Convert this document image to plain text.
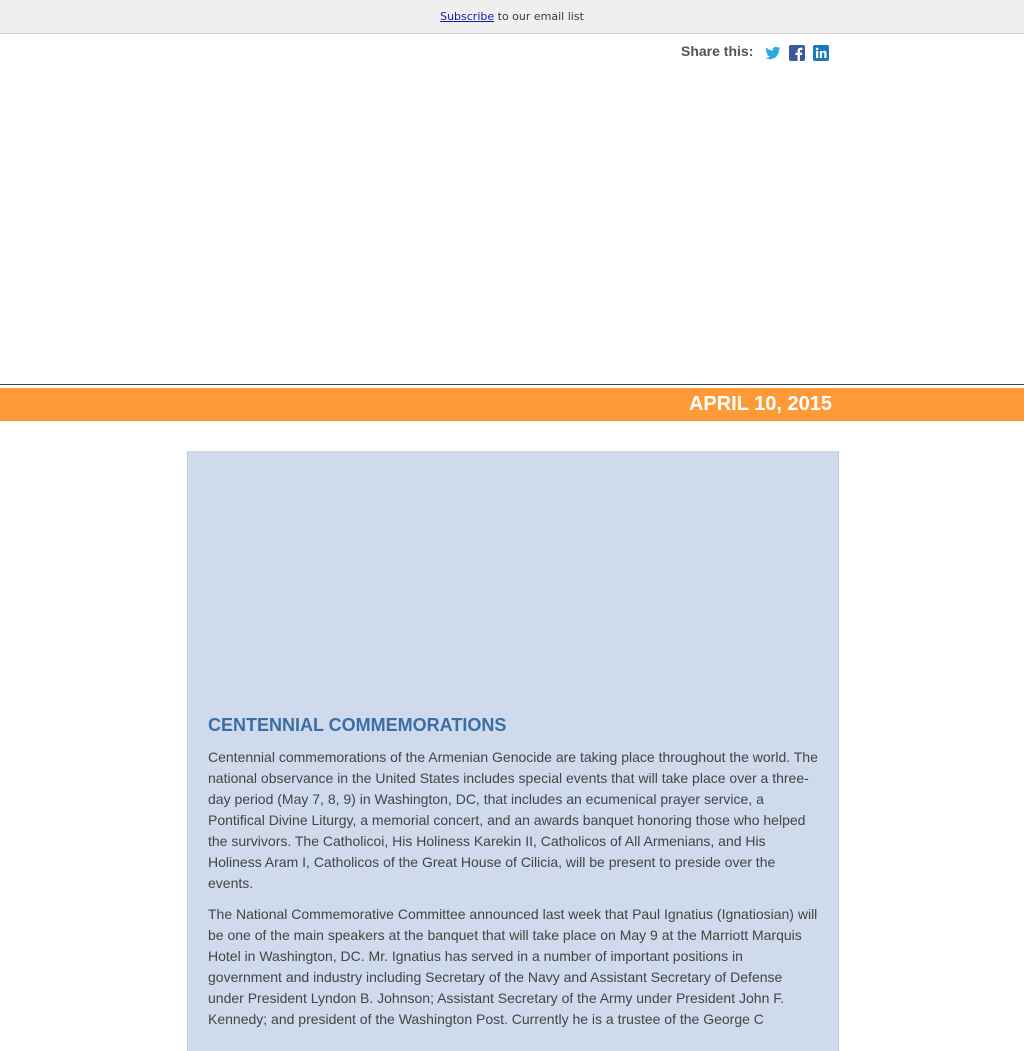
Subscribe to our email list
Share this:
APRIL 10, 2015
CENTENNIAL COMMEMORATIONS

Centennial commemorations of the Armenian Genocide are taking place throughout the world. The national observance in the United States includes special events that will take place over a three-day period (May 7, 8, 9) in Washington, DC, that includes an ecumenical prayer service, a Pontifical Divine Liturgy, a memorial concert, and an awards banquet honoring those who helped the survivors. The Catholicoi, His Holiness Karekin II, Catholicos of All Armenians, and His Holiness Aram I, Catholicos of the Great House of Cilicia, will be present to preside over the events.

The National Commemorative Committee announced last week that Paul Ignatius (Ignatiosian) will be one of the main speakers at the banquet that will take place on May 9 at the Marriott Marquis Hotel in Washington, DC. Mr. Ignatius has served in a number of important positions in government and industry including Secretary of the Navy and Assistant Secretary of Defense under President Lyndon B. Johnson; Assistant Secretary of the Army under President John F. Kennedy; and president of the Washington Post. Currently he is a trustee of the George C
